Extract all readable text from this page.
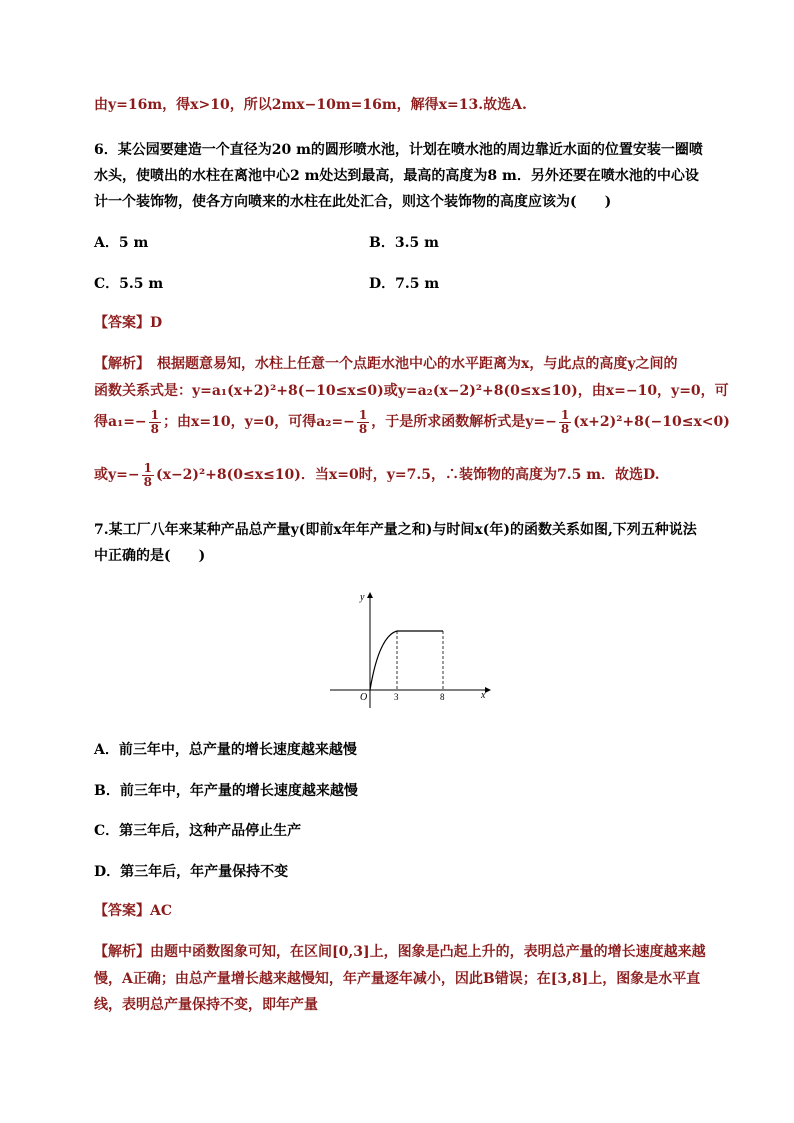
由y=16m，得x>10，所以2mx−10m=16m，解得x=13.故选A.
6．某公园要建造一个直径为20 m的圆形喷水池，计划在喷水池的周边靠近水面的位置安装一圈喷
水头，使喷出的水柱在离池中心2 m处达到最高，最高的高度为8 m．另外还要在喷水池的中心设
计一个装饰物，使各方向喷来的水柱在此处汇合，则这个装饰物的高度应该为(　　)
A．5 m	B．3.5 m
C．5.5 m	D．7.5 m
【答案】D
【解析】　根据题意易知，水柱上任意一个点距水池中心的水平距离为x，与此点的高度y之间的
函数关系式是：y=a₁(x+2)²+8(−10≤x≤0)或y=a₂(x−2)²+8(0≤x≤10)，由x=−10，y=0，可
得$a_1=- \frac{1}{8}$ ；由x=10，y=0，可得$a_2=- \frac{1}{8}$ ，于是所求函数解析式是$y=- \frac{1}{8} (x+2)^2+8(-10\le x<0)$
或$y=- \frac{1}{8} (x-2)^2+8(0\le x\le 10)$．当x=0时，y=7.5，∴装饰物的高度为7.5 m．故选D.
7.某工厂八年来某种产品总产量y(即前x年年产量之和)与时间x(年)的函数关系如图,下列五种说法
中正确的是(　　)
y
x
O	3	8
A．前三年中，总产量的增长速度越来越慢
B．前三年中，年产量的增长速度越来越慢
C．第三年后，这种产品停止生产
D．第三年后，年产量保持不变
【答案】AC
【解析】由题中函数图象可知，在区间[0,3]上，图象是凸起上升的，表明总产量的增长速度越来越
慢，A正确；由总产量增长越来越慢知，年产量逐年减小，因此B错误；在[3,8]上，图象是水平直
线，表明总产量保持不变，即年产量
